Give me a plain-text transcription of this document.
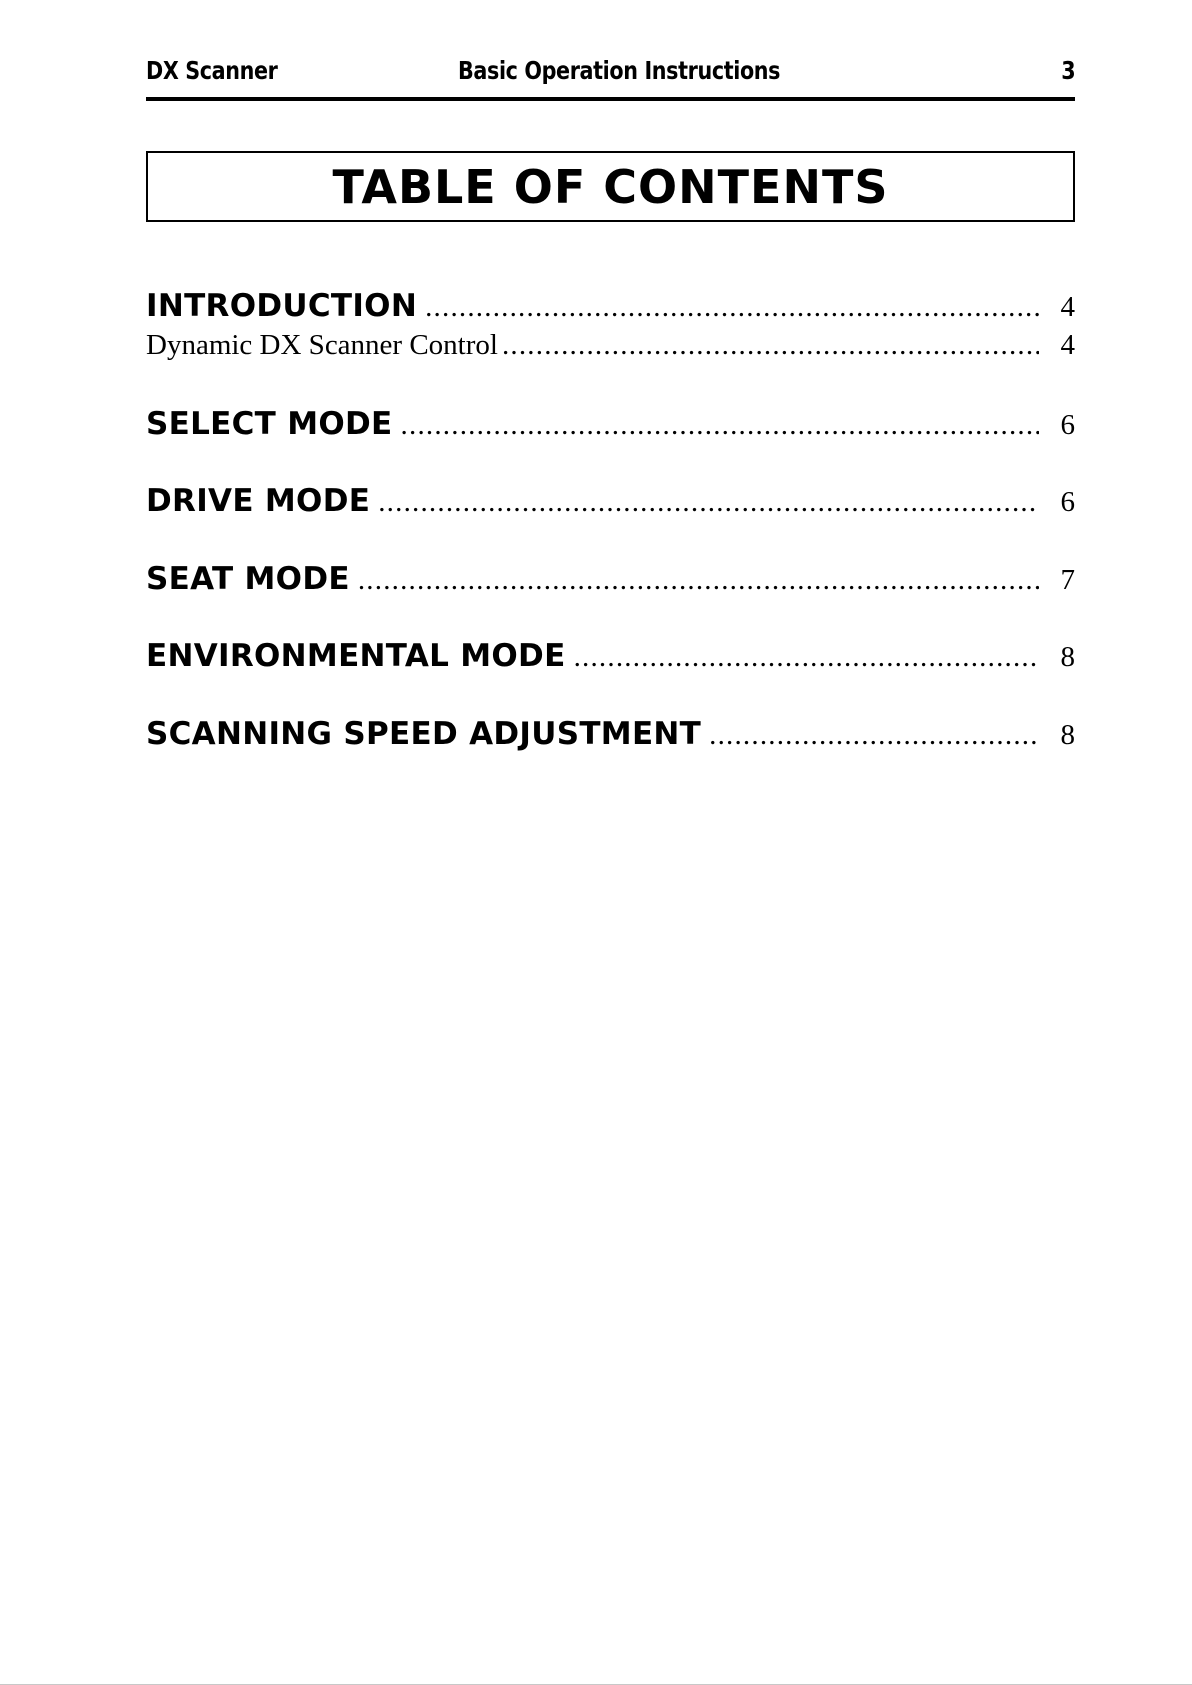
DX Scanner	Basic Operation Instructions	3
TABLE OF CONTENTS
INTRODUCTION .....	4
Dynamic DX Scanner Control .....	4
SELECT MODE .....	6
DRIVE MODE .....	6
SEAT MODE .....	7
ENVIRONMENTAL MODE .....	8
SCANNING SPEED ADJUSTMENT .....	8
